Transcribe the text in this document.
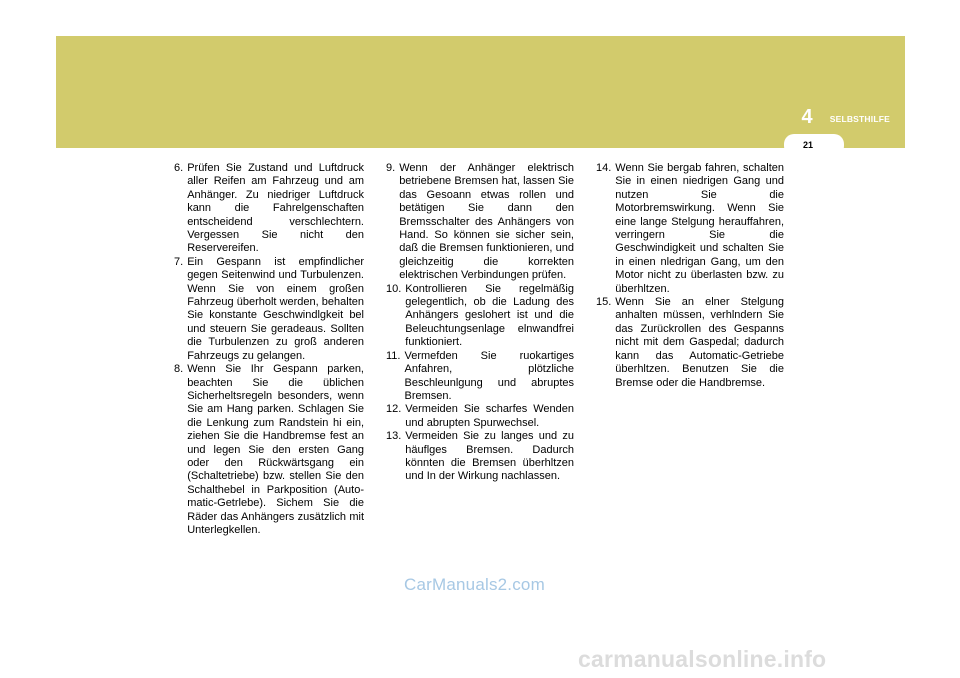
SELBSTHILFE
4
21
6. Prüfen Sie Zustand und Luftdruck aller Reifen am Fahrzeug und am Anhänger. Zu niedriger Luftdruck kann die Fahrelgenschaften entscheidend verschlechtern. Vergessen Sie nicht den Reservereifen.
7. Ein Gespann ist empfindlicher gegen Seitenwind und Turbulenzen. Wenn Sie von einem großen Fahrzeug überholt werden, behalten Sie konstante Geschwindlgkeit bel und steuern Sie geradeaus. Sollten die Turbulenzen zu groß anderen Fahrzeugs zu gelangen.
8. Wenn Sie Ihr Gespann parken, beachten Sie die üblichen Sicherheltsregeln besonders, wenn Sie am Hang parken. Schlagen Sie die Lenkung zum Randstein hi ein, ziehen Sie die Handbremse fest an und legen Sie den ersten Gang oder den Rückwärtsgang ein (Schaltetriebe) bzw. stellen Sie den Schalthebel in Parkposition (Auto- matic-Getrlebe). Sichem Sie die Räder das Anhängers zusätzlich mit Unterlegkellen.
9. Wenn der Anhänger elektrisch betriebene Bremsen hat, lassen Sie das Gesoann etwas rollen und betätigen Sie dann den Bremsschalter des Anhängers von Hand. So können sie sicher sein, daß die Bremsen funktionieren, und gleichzeitig die korrekten elektrischen Verbindungen prüfen.
10. Kontrollieren Sie regelmäßig gelegentlich, ob die Ladung des Anhängers geslohert ist und die Beleuchtungsenlage elnwandfrei funktioniert.
11. Vermefden Sie ruokartiges Anfahren, plötzliche Beschleunlgung und abruptes Bremsen.
12. Vermeiden Sie scharfes Wenden und abrupten Spurwechsel.
13. Vermeiden Sie zu langes und zu häuflges Bremsen. Dadurch könnten die Bremsen überhltzen und In der Wirkung nachlassen.
14. Wenn Sie bergab fahren, schalten Sie in einen niedrigen Gang und nutzen Sie die Motorbremswirkung. Wenn Sie eine lange Stelgung herauffahren, verringern Sie die Geschwindigkeit und schalten Sie in einen nledrigan Gang, um den Motor nicht zu überlasten bzw. zu überhltzen.
15. Wenn Sie an elner Stelgung anhalten müssen, verhlndern Sie das Zurückrollen des Gespanns nicht mit dem Gaspedal; dadurch kann das Automatic-Getriebe überhltzen. Benutzen Sie die Bremse oder die Handbremse.
CarManuals2.com
carmanualsonline.info
